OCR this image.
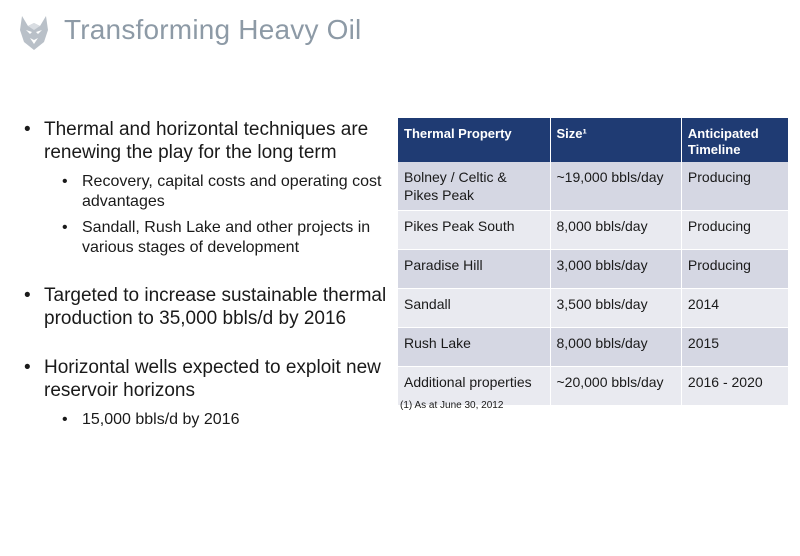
Transforming Heavy Oil
• Thermal and horizontal techniques are renewing the play for the long term
• Recovery, capital costs and operating cost advantages
• Sandall, Rush Lake and other projects in various stages of development
• Targeted to increase sustainable thermal production to 35,000 bbls/d by 2016
• Horizontal wells expected to exploit new reservoir horizons
• 15,000 bbls/d by 2016
Thermal Property	Size¹	Anticipated Timeline
Bolney / Celtic & Pikes Peak	~19,000 bbls/day	Producing
Pikes Peak South	8,000 bbls/day	Producing
Paradise Hill	3,000 bbls/day	Producing
Sandall	3,500 bbls/day	2014
Rush Lake	8,000 bbls/day	2015
Additional properties	~20,000 bbls/day	2016 - 2020
(1) As at June 30, 2012
